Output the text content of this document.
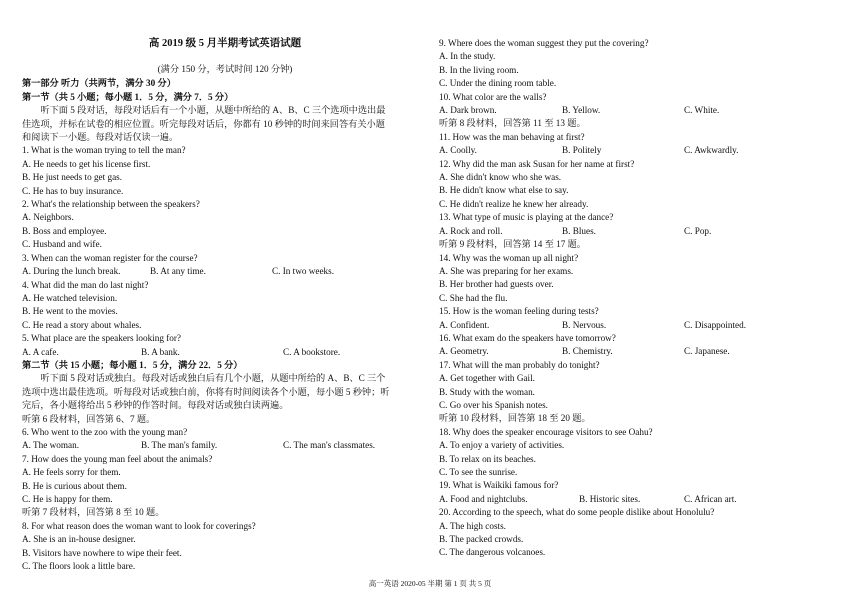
高 2019 级 5 月半期考试英语试题
(满分 150 分，考试时间 120 分钟)
第一部分 听力（共两节，满分 30 分）
第一节（共 5 小题；每小题 1．5 分，满分 7．5 分）
听下面 5 段对话，每段对话后有一个小题，从题中所给的 A、B、C 三个选项中选出最
佳选项，并标在试卷的相应位置。听完每段对话后，你都有 10 秒钟的时间来回答有关小题
和阅读下一小题。每段对话仅读一遍。
1. What is the woman trying to tell the man?
A. He needs to get his license first.
B. He just needs to get gas.
C. He has to buy insurance.
2. What's the relationship between the speakers?
A. Neighbors.
B. Boss and employee.
C. Husband and wife.
3. When can the woman register for the course?
A. During the lunch break.	B. At any time.	C. In two weeks.
4. What did the man do last night?
A. He watched television.
B. He went to the movies.
C. He read a story about whales.
5. What place are the speakers looking for?
A. A cafe.	B. A bank.	C. A bookstore.
第二节（共 15 小题；每小题 1．5 分，满分 22．5 分）
听下面 5 段对话或独白。每段对话或独白后有几个小题，从题中所给的 A、B、C 三个
选项中选出最佳选项。听每段对话或独白前，你将有时间阅读各个小题，每小题 5 秒钟；听
完后，各小题将给出 5 秒钟的作答时间。每段对话或独白读两遍。
听第 6 段材料，回答第 6、7 题。
6. Who went to the zoo with the young man?
A. The woman.	B. The man's family.	C. The man's classmates.
7. How does the young man feel about the animals?
A. He feels sorry for them.
B. He is curious about them.
C. He is happy for them.
听第 7 段材料，回答第 8 至 10 题。
8. For what reason does the woman want to look for coverings?
A. She is an in-house designer.
B. Visitors have nowhere to wipe their feet.
C. The floors look a little bare.
9. Where does the woman suggest they put the covering?
A. In the study.
B. In the living room.
C. Under the dining room table.
10. What color are the walls?
A. Dark brown.	B. Yellow.	C. White.
听第 8 段材料，回答第 11 至 13 题。
11. How was the man behaving at first?
A. Coolly.	B. Politely	C. Awkwardly.
12. Why did the man ask Susan for her name at first?
A. She didn't know who she was.
B. He didn't know what else to say.
C. He didn't realize he knew her already.
13. What type of music is playing at the dance?
A. Rock and roll.	B. Blues.	C. Pop.
听第 9 段材料，回答第 14 至 17 题。
14. Why was the woman up all night?
A. She was preparing for her exams.
B. Her brother had guests over.
C. She had the flu.
15. How is the woman feeling during tests?
A. Confident.	B. Nervous.	C. Disappointed.
16. What exam do the speakers have tomorrow?
A. Geometry.	B. Chemistry.	C. Japanese.
17. What will the man probably do tonight?
A. Get together with Gail.
B. Study with the woman.
C. Go over his Spanish notes.
听第 10 段材料，回答第 18 至 20 题。
18. Why does the speaker encourage visitors to see Oahu?
A. To enjoy a variety of activities.
B. To relax on its beaches.
C. To see the sunrise.
19. What is Waikiki famous for?
A. Food and nightclubs.	B. Historic sites.	C. African art.
20. According to the speech, what do some people dislike about Honolulu?
A. The high costs.
B. The packed crowds.
C. The dangerous volcanoes.
高一英语 2020-05 半期 第 1 页 共 5 页
